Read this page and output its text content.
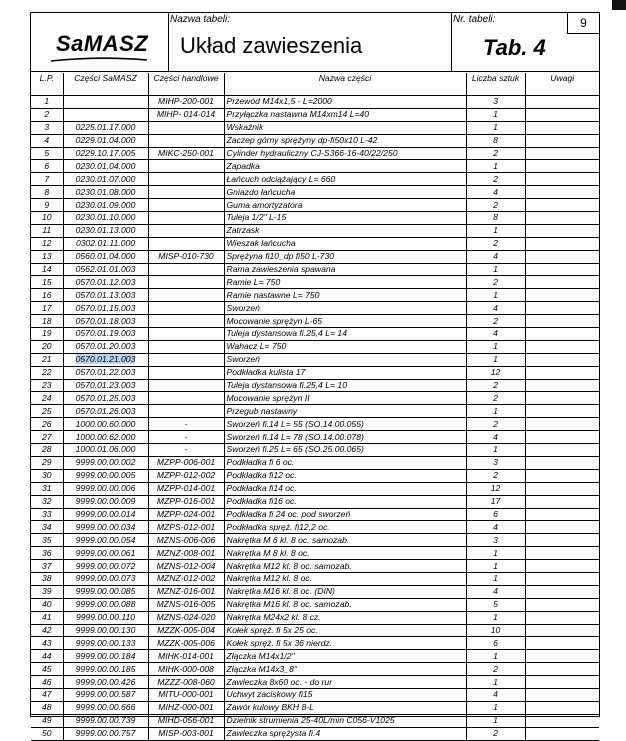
SaMASZ
Nazwa tabeli:
Układ zawieszenia
Nr. tabeli:	9
Tab. 4
L.P.	Części SaMASZ	Części handlowe	Nazwa części	Liczba sztuk	Uwagi
1		MIHP-200-001	Przewód M14x1,5 - L=2000	3	
2		MIHP- 014-014	Przyłączka nastawna M14xm14 L=40	1	
3	0225.01.17.000		Wskaźnik	1	
4	0229.01.04.000		Zaczep górny sprężyny dp-fi50x10 L-42	8	
5	0229.10.17.005	MIKC-250-001	Cylinder hydrauliczny CJ-S366-16-40/22/250	2	
6	0230.01.04.000		Zapadka	1	
7	0230.01.07.000		Łańcuch odciążający L= 660	2	
8	0230.01.08.000		Gniazdo łańcucha	4	
9	0230.01.09.000		Guma amortyzatora	2	
10	0230.01.10.000		Tuleja 1/2" L-15	8	
11	0230.01.13.000		Zatrzask	1	
12	0302.01.11.000		Wieszak łańcucha	2	
13	0560.01.04.000	MISP-010-730	Sprężyna fi10_dp fi50 L-730	4	
14	0562.01.01.003		Rama zawieszenia spawana	1	
15	0570.01.12.003		Ramie L= 750	2	
16	0570.01.13.003		Ramie nastawne L= 750	1	
17	0570.01.15.003		Sworzeń	4	
18	0570.01.18.003		Mocowanie sprężyn L-65	2	
19	0570.01.19.003		Tuleja dystansowa fi.25,4 L= 14	4	
20	0570.01.20.003		Wahacz L= 750	1	
21	0570.01.21.003		Sworzeń	1	
22	0570.01.22.003		Podkładka kulista 17	12	
23	0570.01.23.003		Tuleja dystansowa fi.25,4 L= 10	2	
24	0570.01.25.003		Mocowanie sprężyn II	2	
25	0570.01.26.003		Przegub nastawny	1	
26	1000.00.60.000	-	Sworzeń fi.14 L= 55 (SO.14.00.055)	2	
27	1000.00.62.000	-	Sworzeń fi.14 L= 78 (SO.14.00.078)	4	
28	1000.01.06.000	-	Sworzeń fi.25 L= 65 (SO.25.00.065)	1	
29	9999.00.00.002	MZPP-006-001	Podkładka fi 6 oc.	3	
30	9999.00.00.005	MZPP-012-002	Podkładka fi12 oc.	2	
31	9999.00.00.006	MZPP-014-001	Podkładka fi14 oc.	12	
32	9999.00.00.009	MZPP-016-001	Podkładka fi16 oc.	17	
33	9999.00.00.014	MZPP-024-001	Podkładka fi 24 oc. pod sworzeń	6	
34	9999.00.00.034	MZPS-012-001	Podkładka spręż. fi12,2 oc.	4	
35	9999.00.00.054	MZNS-006-006	Nakrętka M 6 kl. 8 oc. samozab.	3	
36	9999.00.00.061	MZNZ-008-001	Nakrętka M 8 kl. 8 oc.	1	
37	9999.00.00.072	MZNS-012-004	Nakrętka M12 kl. 8 oc. samozab.	1	
38	9999.00.00.073	MZNZ-012-002	Nakrętka M12 kl. 8 oc.	1	
39	9999.00.00.085	MZNZ-016-001	Nakrętka M16 kl. 8 oc. (DIN)	4	
40	9999.00.00.088	MZNS-016-005	Nakrętka M16 kl. 8 oc. samozab.	5	
41	9999.00.00.110	MZNS-024-020	Nakrętka M24x2 kl. 8 cz.	1	
42	9999.00.00.130	MZZK-005-004	Kołek spręż. fi 5x 25 oc.	10	
43	9999.00.00.133	MZZK-005-006	Kołek spręż. fi 5x 36 nierdz.	6	
44	9999.00.00.184	MIHK-014-001	Złączka M14x1/2"	1	
45	9999.00.00.185	MIHK-000-008	Złączka M14x3_8"	2	
46	9999.00.00.426	MZZZ-008-060	Zawleczka 8x60 oc. - do rur	1	
47	9999.00.00.587	MITU-000-001	Uchwyt zaciskowy fi15	4	
48	9999.00.00.666	MIHZ-000-001	Zawór kulowy BKH 8-L	1	
49	9999.00.00.739	MIHD-056-001	Dzielnik strumienia 25-40L/min C056-V1025	1	
50	9999.00.00.757	MISP-003-001	Zawleczka sprężysta fi.4	2	
